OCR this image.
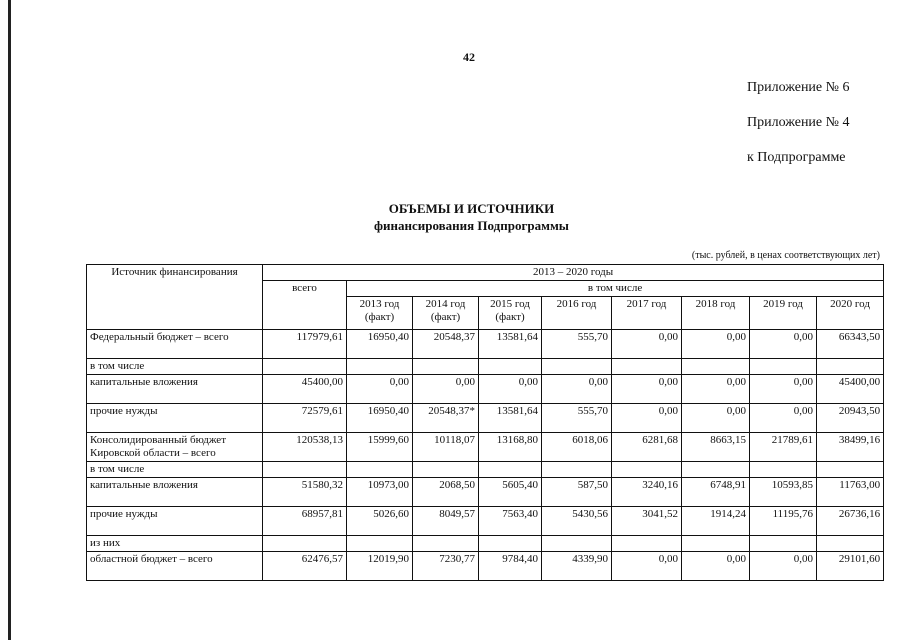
42
Приложение № 6
Приложение № 4
к Подпрограмме
ОБЪЕМЫ И ИСТОЧНИКИ
финансирования Подпрограммы
(тыс. рублей, в ценах соответствующих лет)
Источник финансирования	2013 – 2020 годы								
	всего	в том числе							
		2013 год (факт)	2014 год (факт)	2015 год (факт)	2016 год	2017 год	2018 год	2019 год	2020 год
Федеральный бюджет – всего	117979,61	16950,40	20548,37	13581,64	555,70	0,00	0,00	0,00	66343,50
в том числе									
капитальные вложения	45400,00	0,00	0,00	0,00	0,00	0,00	0,00	0,00	45400,00
прочие нужды	72579,61	16950,40	20548,37*	13581,64	555,70	0,00	0,00	0,00	20943,50
Консолидированный бюджет Кировской области – всего	120538,13	15999,60	10118,07	13168,80	6018,06	6281,68	8663,15	21789,61	38499,16
в том числе									
капитальные вложения	51580,32	10973,00	2068,50	5605,40	587,50	3240,16	6748,91	10593,85	11763,00
прочие нужды	68957,81	5026,60	8049,57	7563,40	5430,56	3041,52	1914,24	11195,76	26736,16
из них									
областной бюджет – всего	62476,57	12019,90	7230,77	9784,40	4339,90	0,00	0,00	0,00	29101,60
